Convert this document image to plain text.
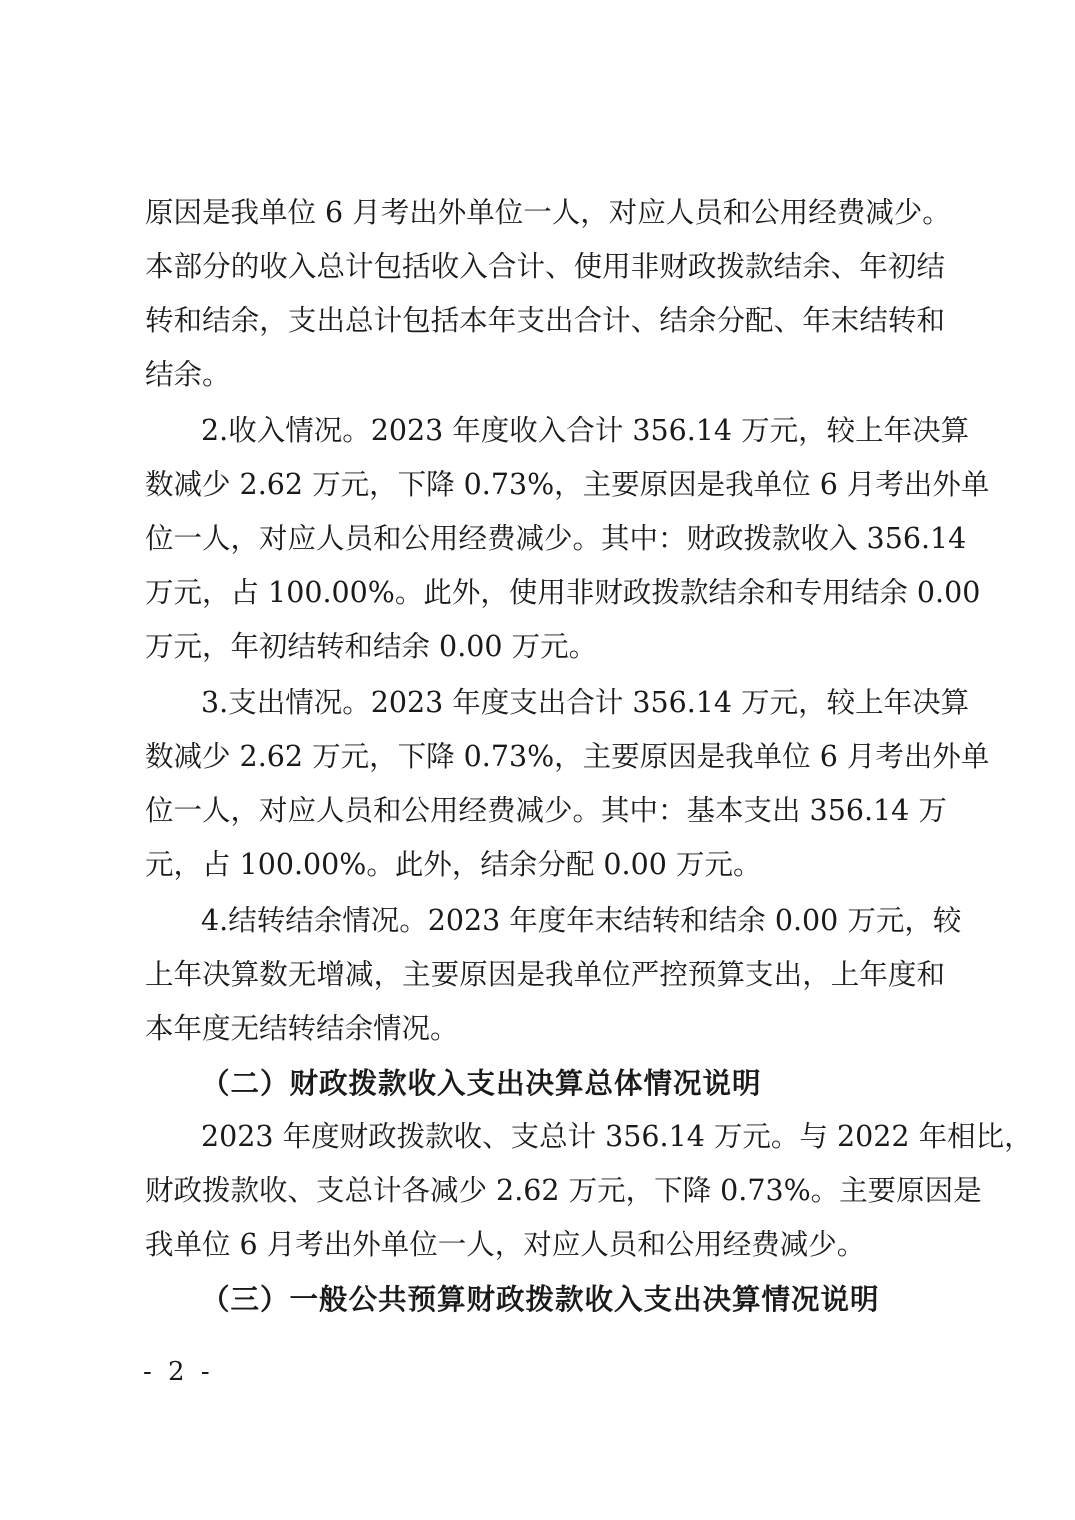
原因是我单位 6 月考出外单位一人，对应人员和公用经费减少。
本部分的收入总计包括收入合计、使用非财政拨款结余、年初结
转和结余，支出总计包括本年支出合计、结余分配、年末结转和
结余。
2.收入情况。2023 年度收入合计 356.14 万元，较上年决算
数减少 2.62 万元，下降 0.73%，主要原因是我单位 6 月考出外单
位一人，对应人员和公用经费减少。其中：财政拨款收入 356.14
万元，占 100.00%。此外，使用非财政拨款结余和专用结余 0.00
万元，年初结转和结余 0.00 万元。
3.支出情况。2023 年度支出合计 356.14 万元，较上年决算
数减少 2.62 万元，下降 0.73%，主要原因是我单位 6 月考出外单
位一人，对应人员和公用经费减少。其中：基本支出 356.14 万
元，占 100.00%。此外，结余分配 0.00 万元。
4.结转结余情况。2023 年度年末结转和结余 0.00 万元，较
上年决算数无增减，主要原因是我单位严控预算支出，上年度和
本年度无结转结余情况。
（二）财政拨款收入支出决算总体情况说明
2023 年度财政拨款收、支总计 356.14 万元。与 2022 年相比，
财政拨款收、支总计各减少 2.62 万元，下降 0.73%。主要原因是
我单位 6 月考出外单位一人，对应人员和公用经费减少。
（三）一般公共预算财政拨款收入支出决算情况说明
- 2 -
